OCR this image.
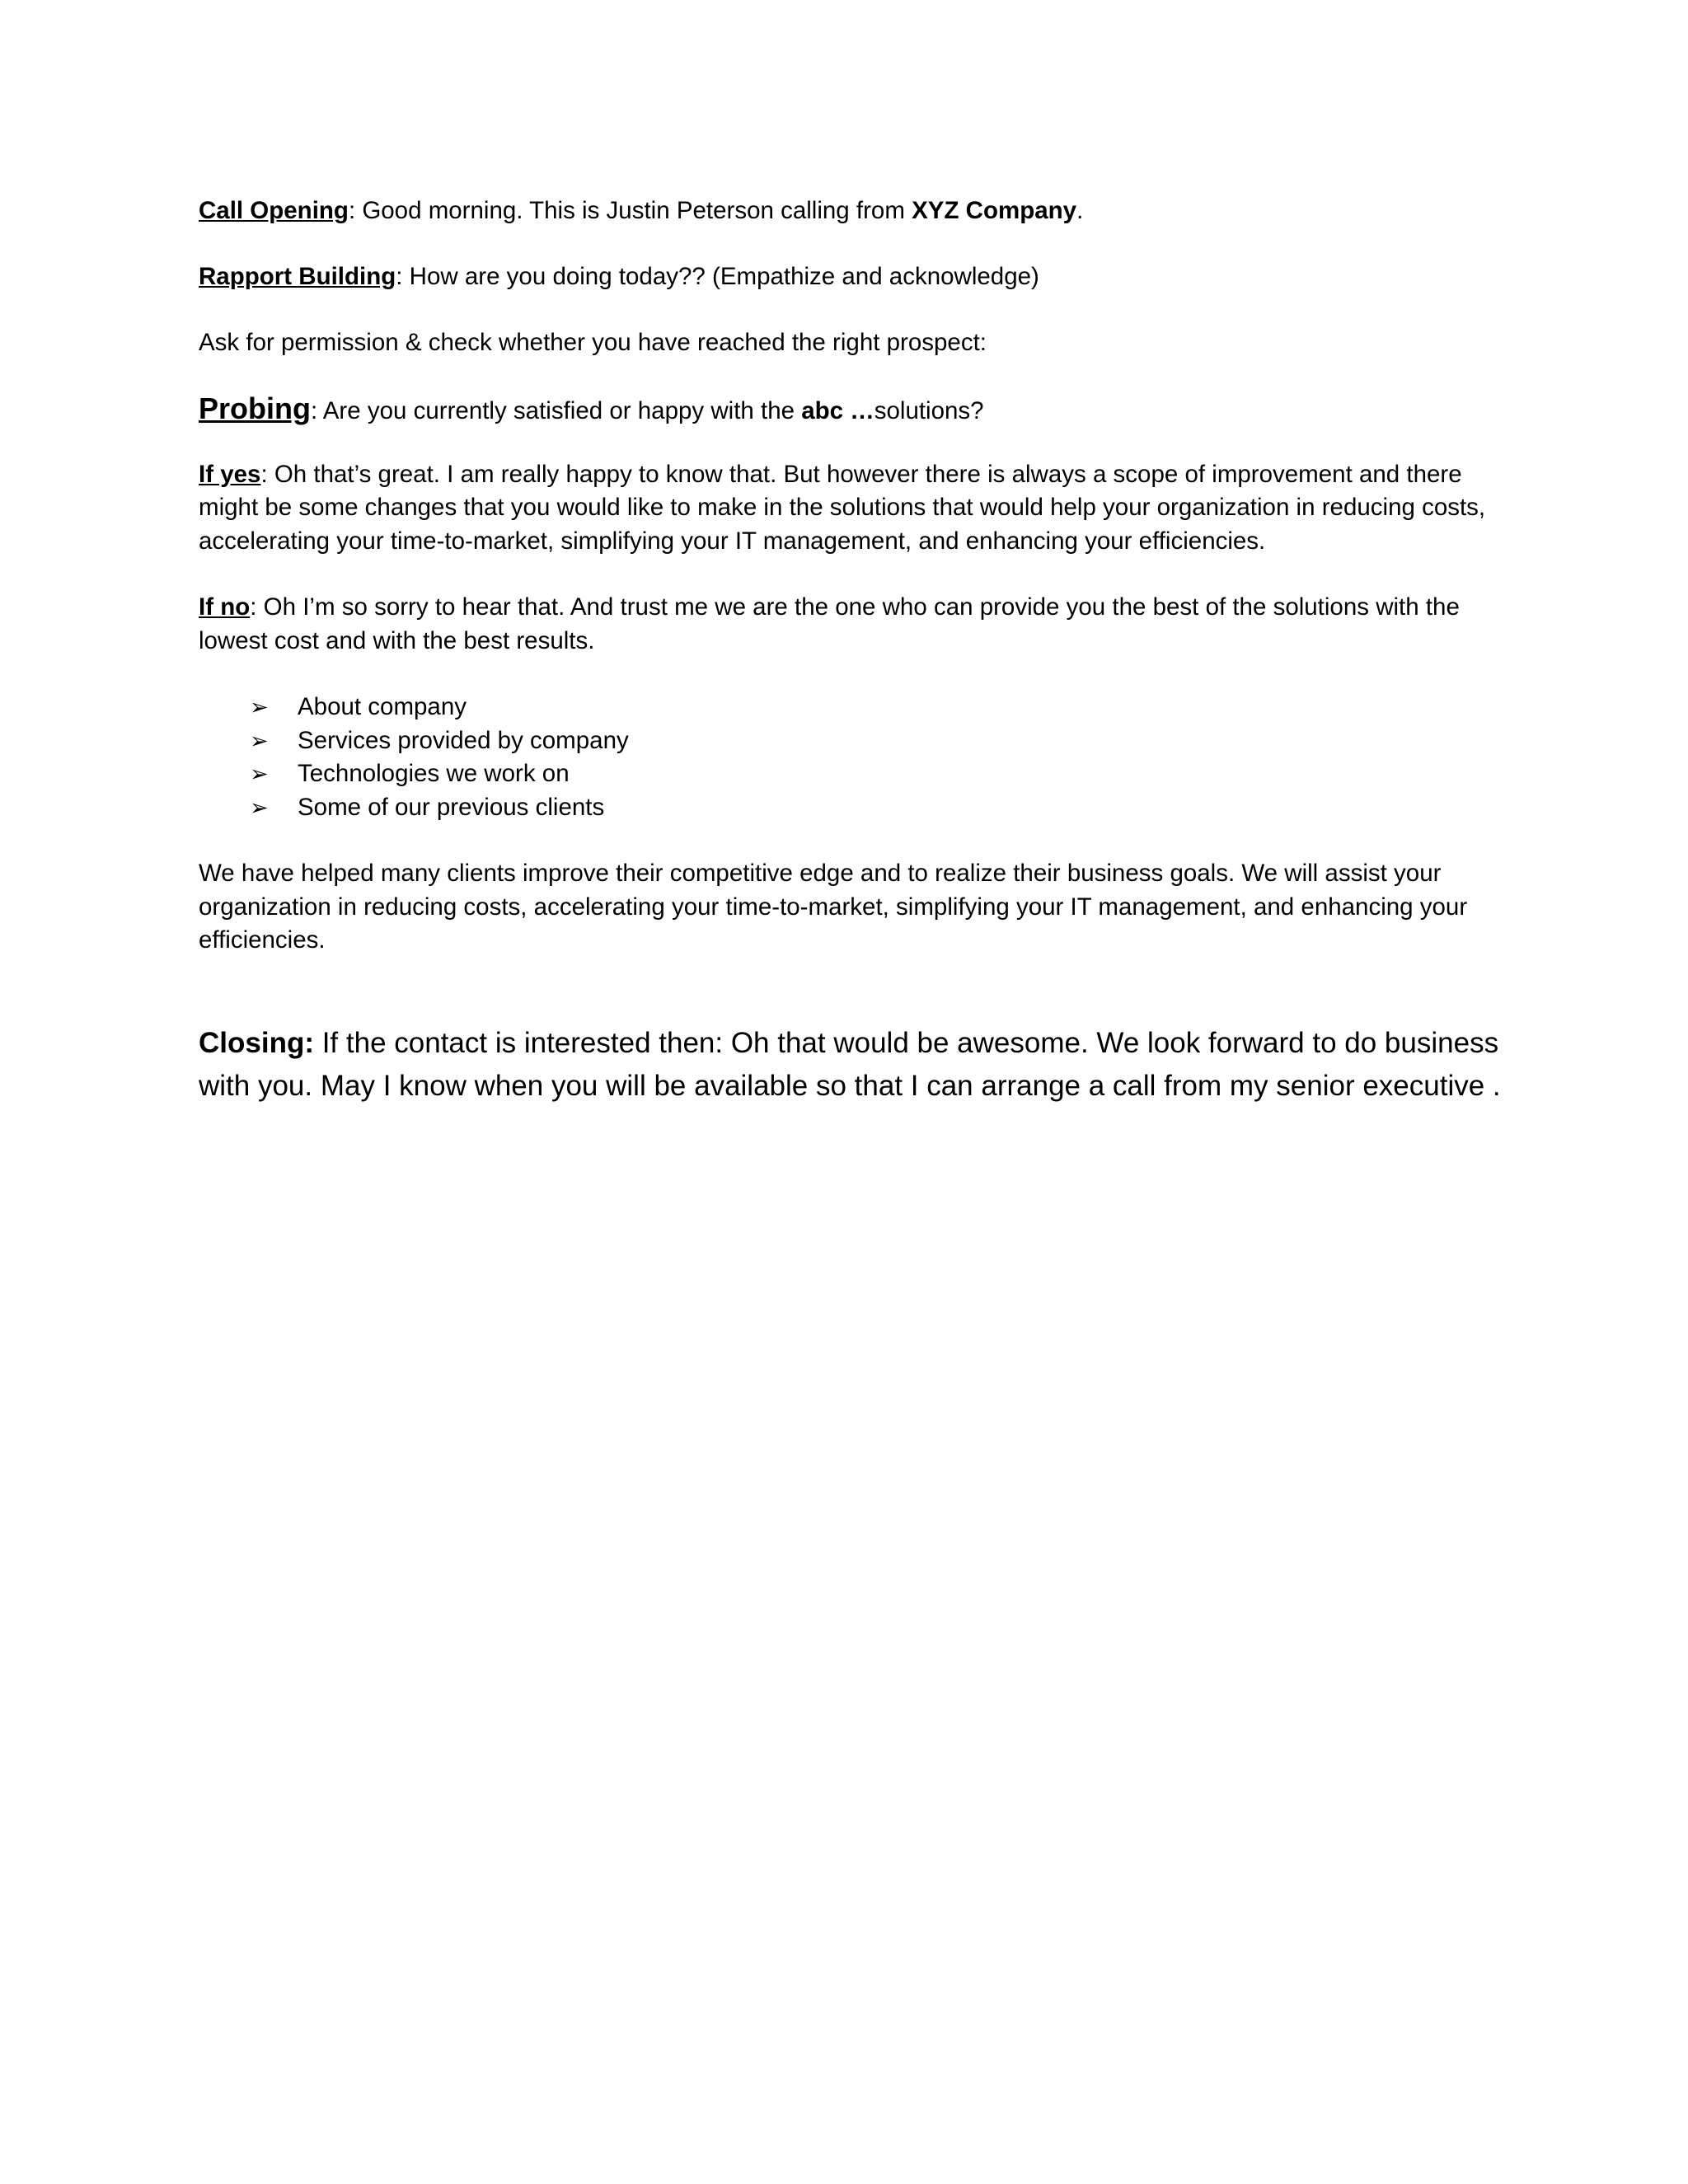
Call Opening: Good morning. This is Justin Peterson calling from XYZ Company.

Rapport Building: How are you doing today?? (Empathize and acknowledge)

Ask for permission & check whether you have reached the right prospect:

Probing: Are you currently satisfied or happy with the abc …solutions?

If yes: Oh that’s great. I am really happy to know that. But however there is always a scope of improvement and there might be some changes that you would like to make in the solutions that would help your organization in reducing costs, accelerating your time-to-market, simplifying your IT management, and enhancing your efficiencies.

If no: Oh I’m so sorry to hear that. And trust me we are the one who can provide you the best of the solutions with the lowest cost and with the best results.

➢	About company
➢	Services provided by company
➢	Technologies we work on
➢	Some of our previous clients

We have helped many clients improve their competitive edge and to realize their business goals. We will assist your organization in reducing costs, accelerating your time-to-market, simplifying your IT management, and enhancing your efficiencies.

Closing: If the contact is interested then: Oh that would be awesome. We look forward to do business with you. May I know when you will be available so that I can arrange a call from my senior executive .
